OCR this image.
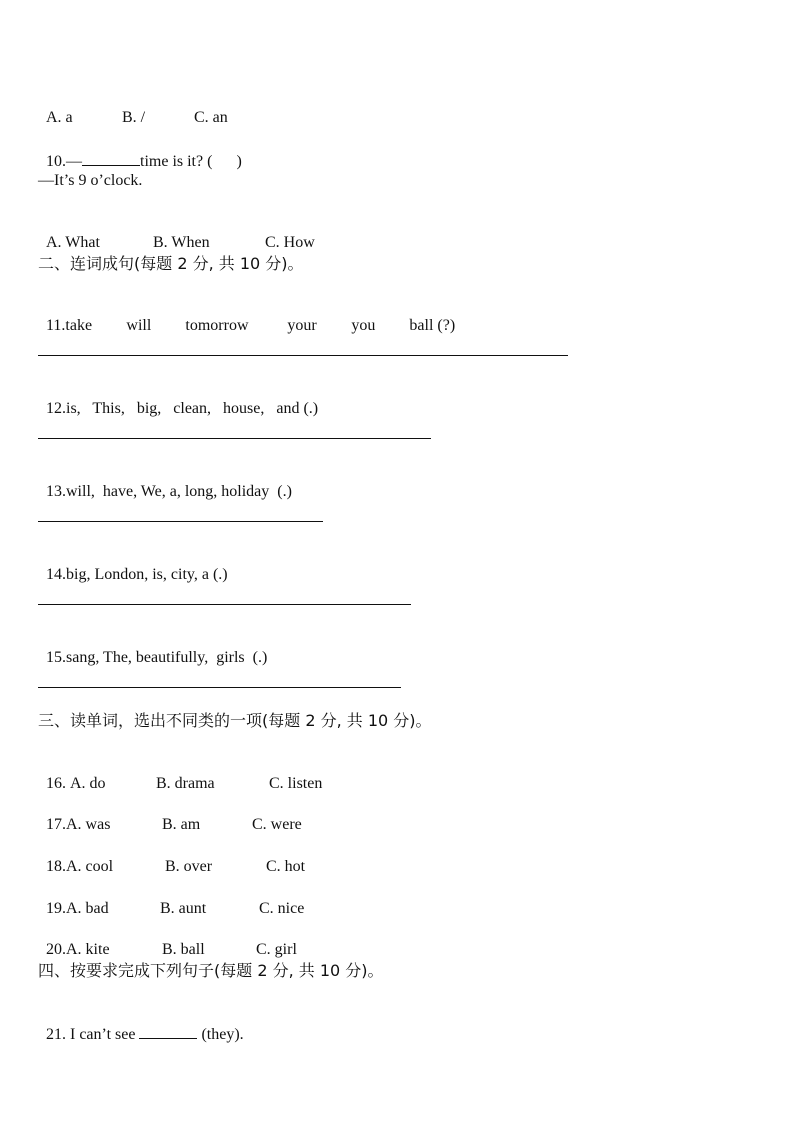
A. a	B. /	C. an

10.—	time is it? ( )

—It’s 9 o’clock.

A. What	B. When	C. How

二、连词成句(每题 2 分, 共 10 分)。

11.take will tomorrow your you ball (?)

12.is,   This,   big,   clean,   house,   and (.)

13.will,  have, We, a, long, holiday  (.)

14.big, London, is, city, a (.)

15.sang, The, beautifully,  girls  (.)

三、读单词，选出不同类的一项(每题 2 分, 共 10 分)。

16. A. do	B. drama	C. listen

17.A. was	B. am	C. were

18.A. cool	B. over	C. hot

19.A. bad	B. aunt	C. nice

20.A. kite	B. ball	C. girl

四、按要求完成下列句子(每题 2 分, 共 10 分)。

21. I can’t see	(they).
